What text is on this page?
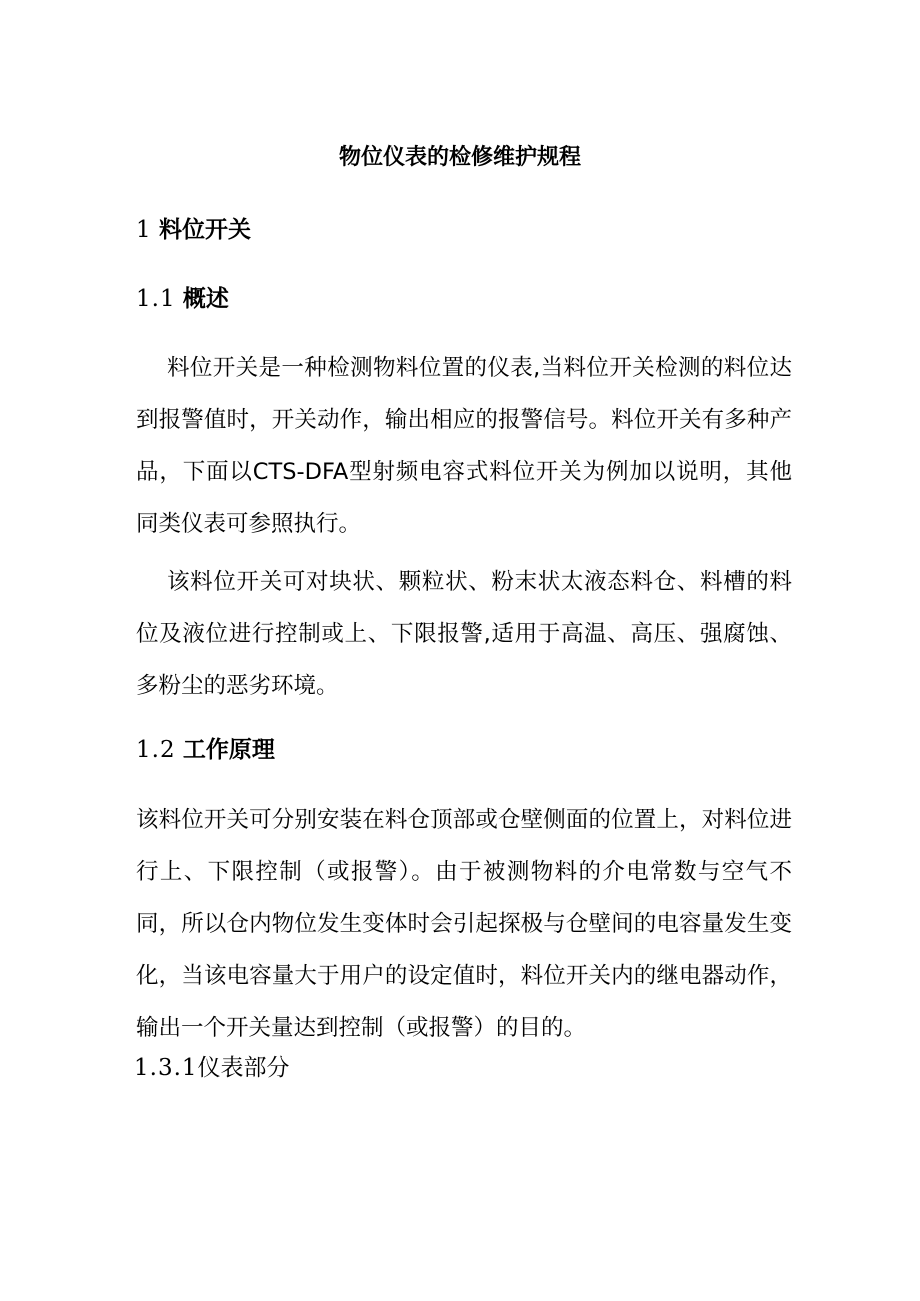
物位仪表的检修维护规程
1 料位开关
1.1 概述

料位开关是一种检测物料位置的仪表,当料位开关检测的料位达到报警值时，开关动作，输出相应的报警信号。料位开关有多种产品，下面以CTS-DFA型射频电容式料位开关为例加以说明，其他同类仪表可参照执行。

该料位开关可对块状、颗粒状、粉末状太液态料仓、料槽的料位及液位进行控制或上、下限报警,适用于高温、高压、强腐蚀、多粉尘的恶劣环境。

1.2 工作原理

该料位开关可分别安装在料仓顶部或仓壁侧面的位置上，对料位进行上、下限控制（或报警）。由于被测物料的介电常数与空气不同，所以仓内物位发生变体时会引起探极与仓壁间的电容量发生变化，当该电容量大于用户的设定值时，料位开关内的继电器动作，输出一个开关量达到控制（或报警）的目的。

1.3.1仪表部分
